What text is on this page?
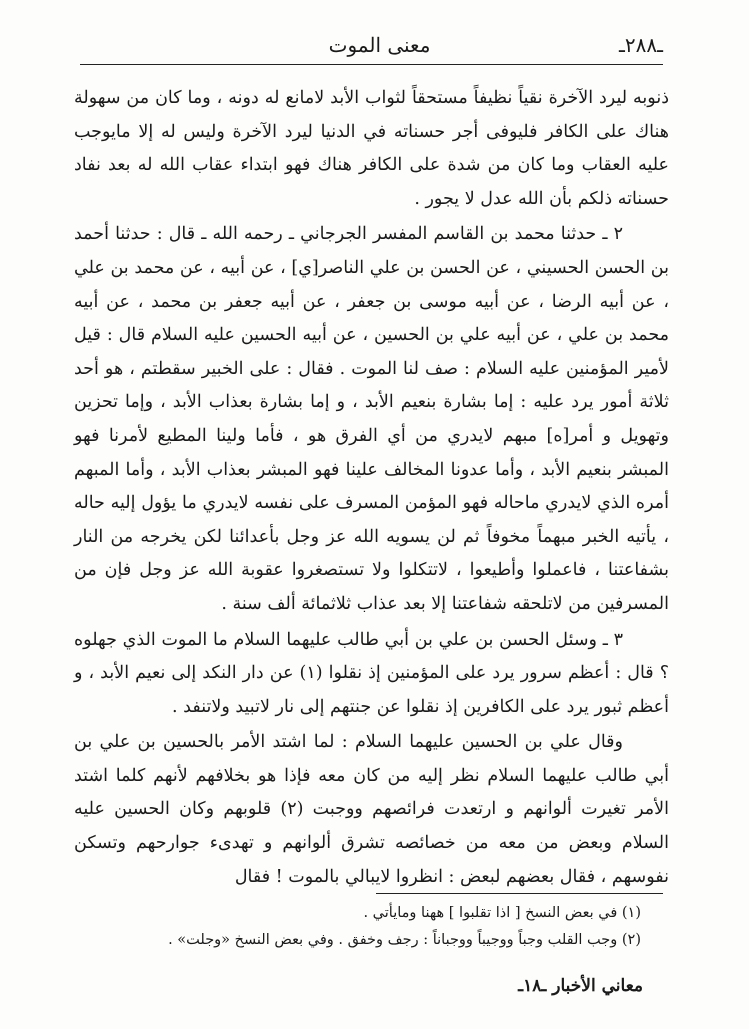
ـ٢٨٨ـ
معنى الموت

ذنوبه ليرد الآخرة نقياً نظيفاً مستحقاً لثواب الأبد لامانع له دونه ، وما كان من سهولة هناك على الكافر فليوفى أجر حسناته في الدنيا ليرد الآخرة وليس له إلا مايوجب عليه العقاب وما كان من شدة على الكافر هناك فهو ابتداء عقاب الله له بعد نفاد حسناته ذلكم بأن الله عدل لا يجور .

٢ ـ حدثنا محمد بن القاسم المفسر الجرجاني ـ رحمه الله ـ قال : حدثنا أحمد بن الحسن الحسيني ، عن الحسن بن علي الناصر[ي] ، عن أبيه ، عن محمد بن علي ، عن أبيه الرضا ، عن أبيه موسى بن جعفر ، عن أبيه جعفر بن محمد ، عن أبيه محمد بن علي ، عن أبيه علي بن الحسين ، عن أبيه الحسين عليه السلام قال : قيل لأمير المؤمنين عليه السلام : صف لنا الموت . فقال : على الخبير سقطتم ، هو أحد ثلاثة أمور يرد عليه : إما بشارة بنعيم الأبد ، و إما بشارة بعذاب الأبد ، وإما تحزين وتهويل و أمر[ه] مبهم لايدري من أي الفرق هو ، فأما ولينا المطيع لأمرنا فهو المبشر بنعيم الأبد ، وأما عدونا المخالف علينا فهو المبشر بعذاب الأبد ، وأما المبهم أمره الذي لايدري ماحاله فهو المؤمن المسرف على نفسه لايدري ما يؤول إليه حاله ، يأتيه الخبر مبهماً مخوفاً ثم لن يسويه الله عز وجل بأعدائنا لكن يخرجه من النار بشفاعتنا ، فاعملوا وأطيعوا ، لاتتكلوا ولا تستصغروا عقوبة الله عز وجل فإن من المسرفين من لاتلحقه شفاعتنا إلا بعد عذاب ثلاثمائة ألف سنة .

٣ ـ وسئل الحسن بن علي بن أبي طالب عليهما السلام ما الموت الذي جهلوه ؟ قال : أعظم سرور يرد على المؤمنين إذ نقلوا (١) عن دار النكد إلى نعيم الأبد ، و أعظم ثبور يرد على الكافرين إذ نقلوا عن جنتهم إلى نار لاتبيد ولاتنفد .

وقال علي بن الحسين عليهما السلام : لما اشتد الأمر بالحسين بن علي بن أبي طالب عليهما السلام نظر إليه من كان معه فإذا هو بخلافهم لأنهم كلما اشتد الأمر تغيرت ألوانهم و ارتعدت فرائصهم ووجبت (٢) قلوبهم وكان الحسين عليه السلام وبعض من معه من خصائصه تشرق ألوانهم و تهدىء جوارحهم وتسكن نفوسهم ، فقال بعضهم لبعض : انظروا لايبالي بالموت ! فقال

(١) في بعض النسخ [ اذا تقلبوا ] ههنا ومايأتي .
(٢) وجب القلب وجباً ووجيباً ووجباناً : رجف وخفق . وفي بعض النسخ «وجلت» .
معاني الأخبار ـ١٨ـ
